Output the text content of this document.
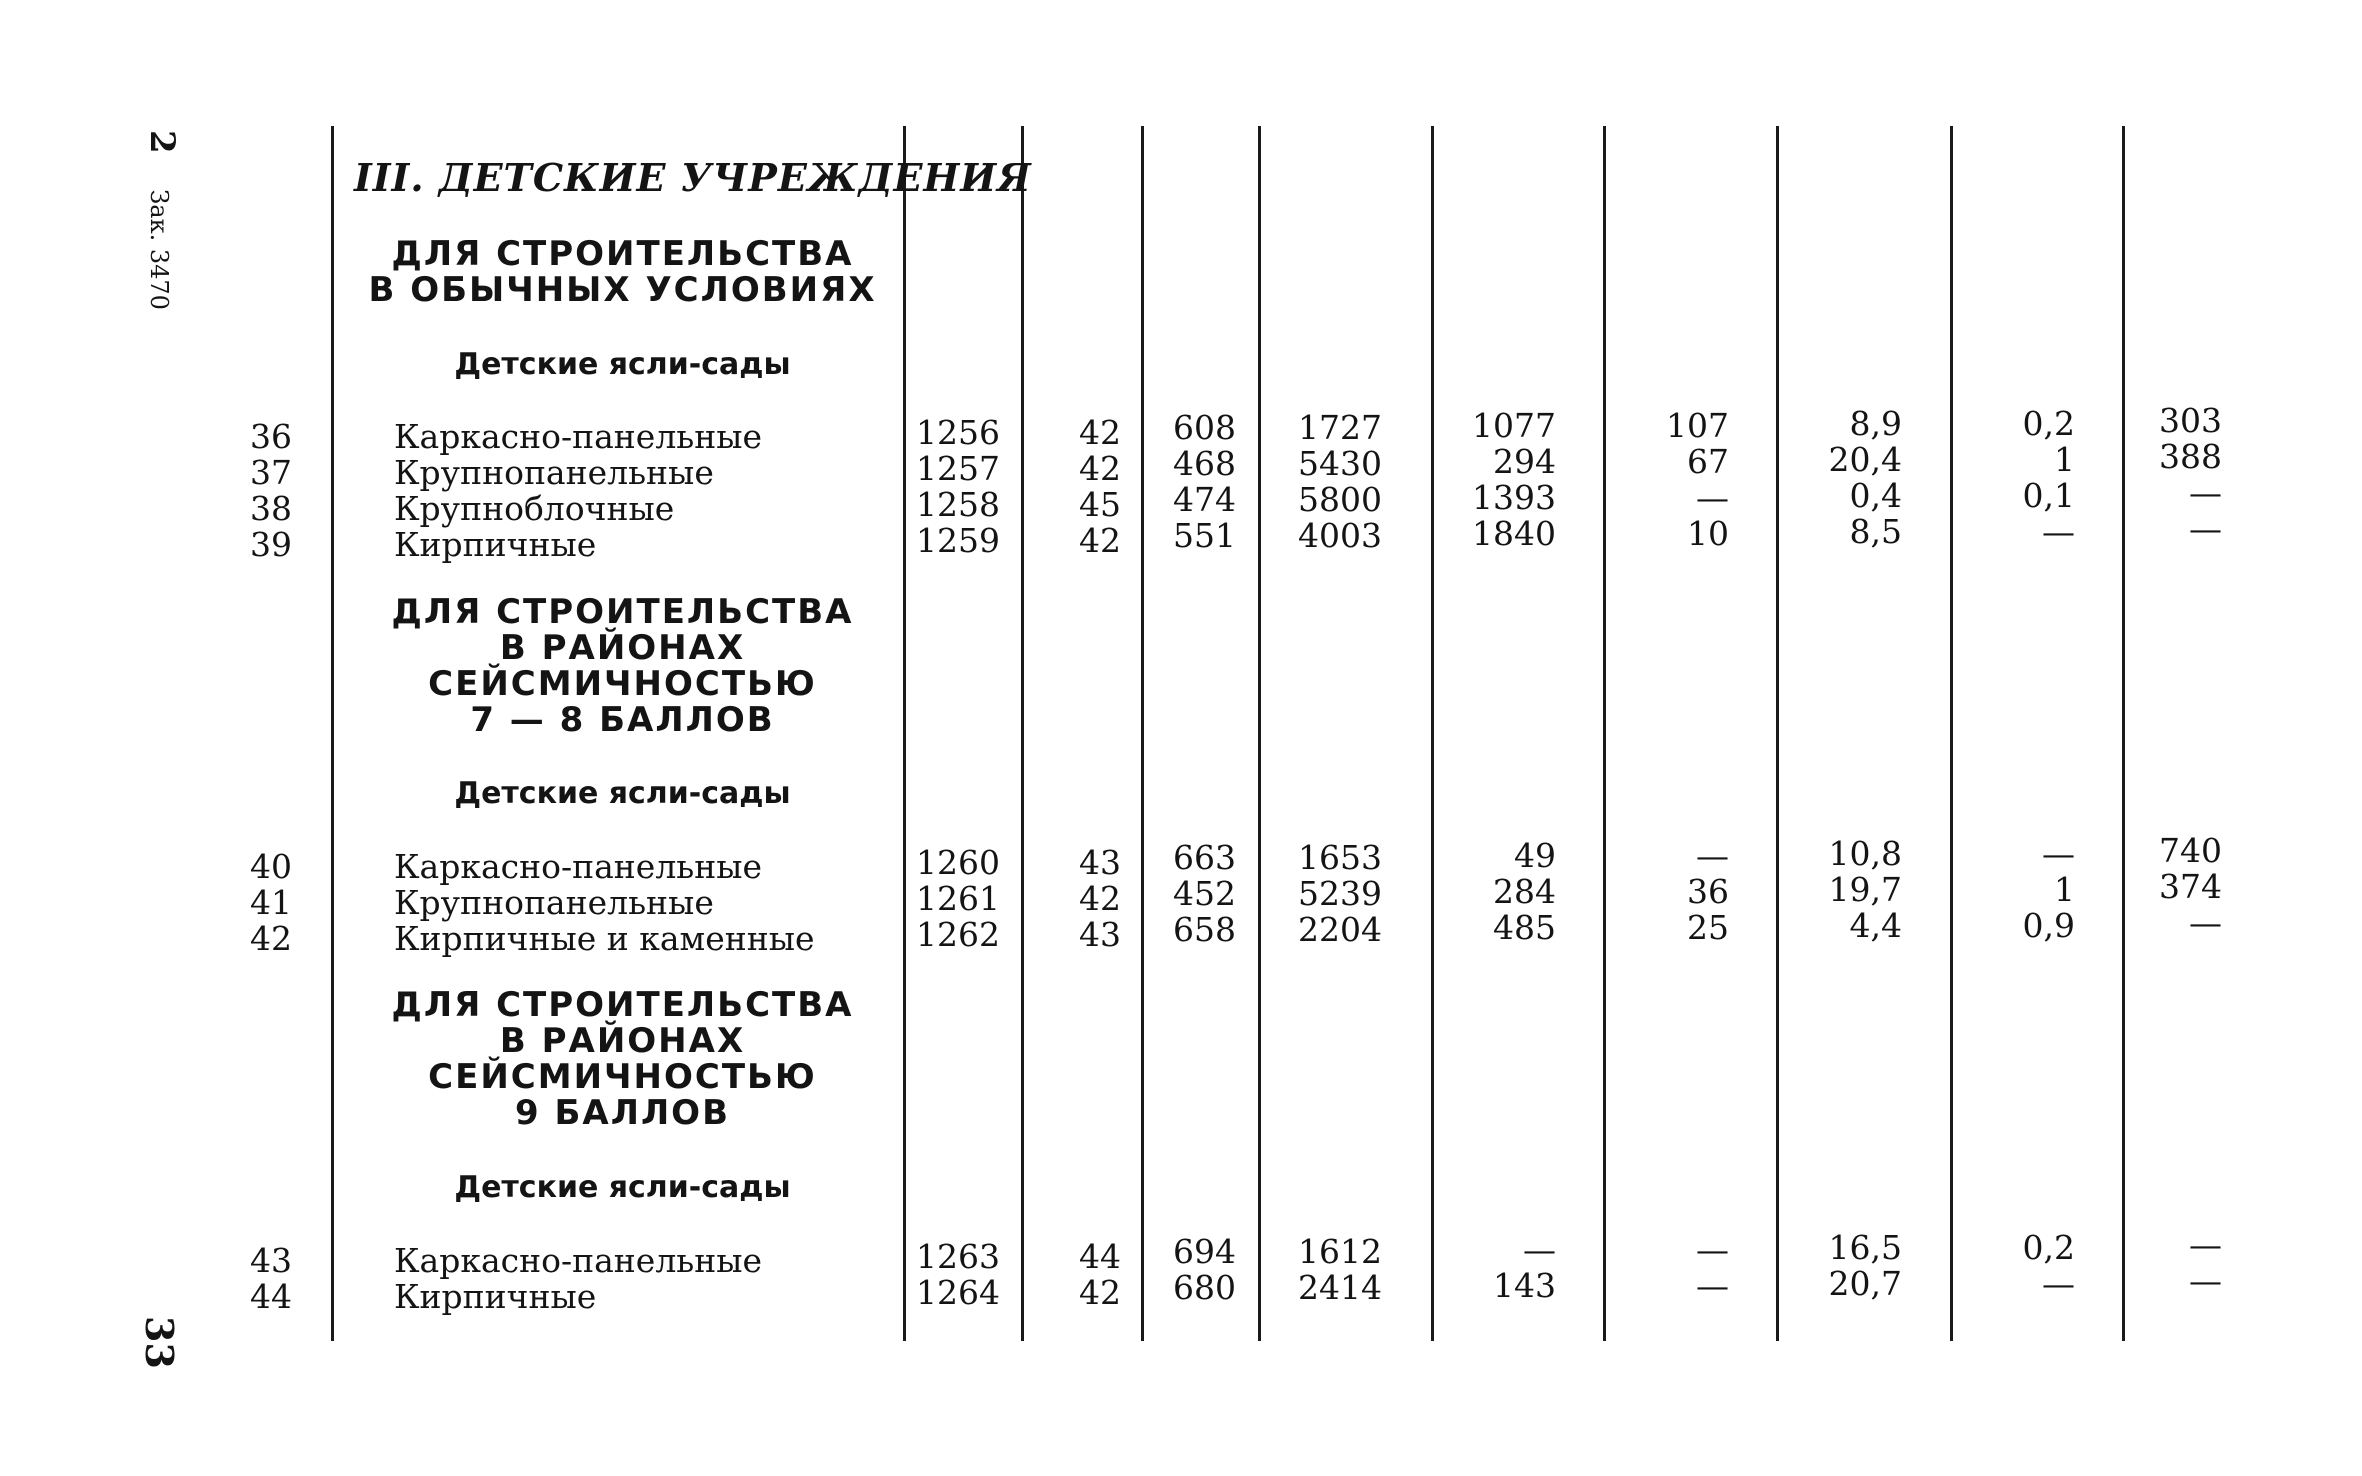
2 Зак. 3470
33
III. ДЕТСКИЕ УЧРЕЖДЕНИЯ
ДЛЯ СТРОИТЕЛЬСТВА
В ОБЫЧНЫХ УСЛОВИЯХ
Детские ясли-сады
ДЛЯ СТРОИТЕЛЬСТВА
В РАЙОНАХ
СЕЙСМИЧНОСТЬЮ
7 — 8 БАЛЛОВ
Детские ясли-сады
ДЛЯ СТРОИТЕЛЬСТВА
В РАЙОНАХ
СЕЙСМИЧНОСТЬЮ
9 БАЛЛОВ
Детские ясли-сады
36	Каркасно-панельные	1256 42 608 1727	1077	107	8,9	0,2	303
37	Крупнопанельные	1257 42 468 5430	294	67	20,4	1	388
38	Крупноблочные	1258 45 474 5800	1393	—	0,4	0,1	—
39	Кирпичные	1259 42 551 4003	1840	10	8,5	—	—
40	Каркасно-панельные	1260 43 663 1653	49	—	10,8	—	740
41	Крупнопанельные	1261 42 452 5239	284	36	19,7	1	374
42	Кирпичные и каменные	1262 43 658 2204	485	25	4,4	0,9	—
43	Каркасно-панельные	1263 44 694 1612	—	—	16,5	0,2	—
44	Кирпичные	1264 42 680 2414	143	—	20,7	—	—
